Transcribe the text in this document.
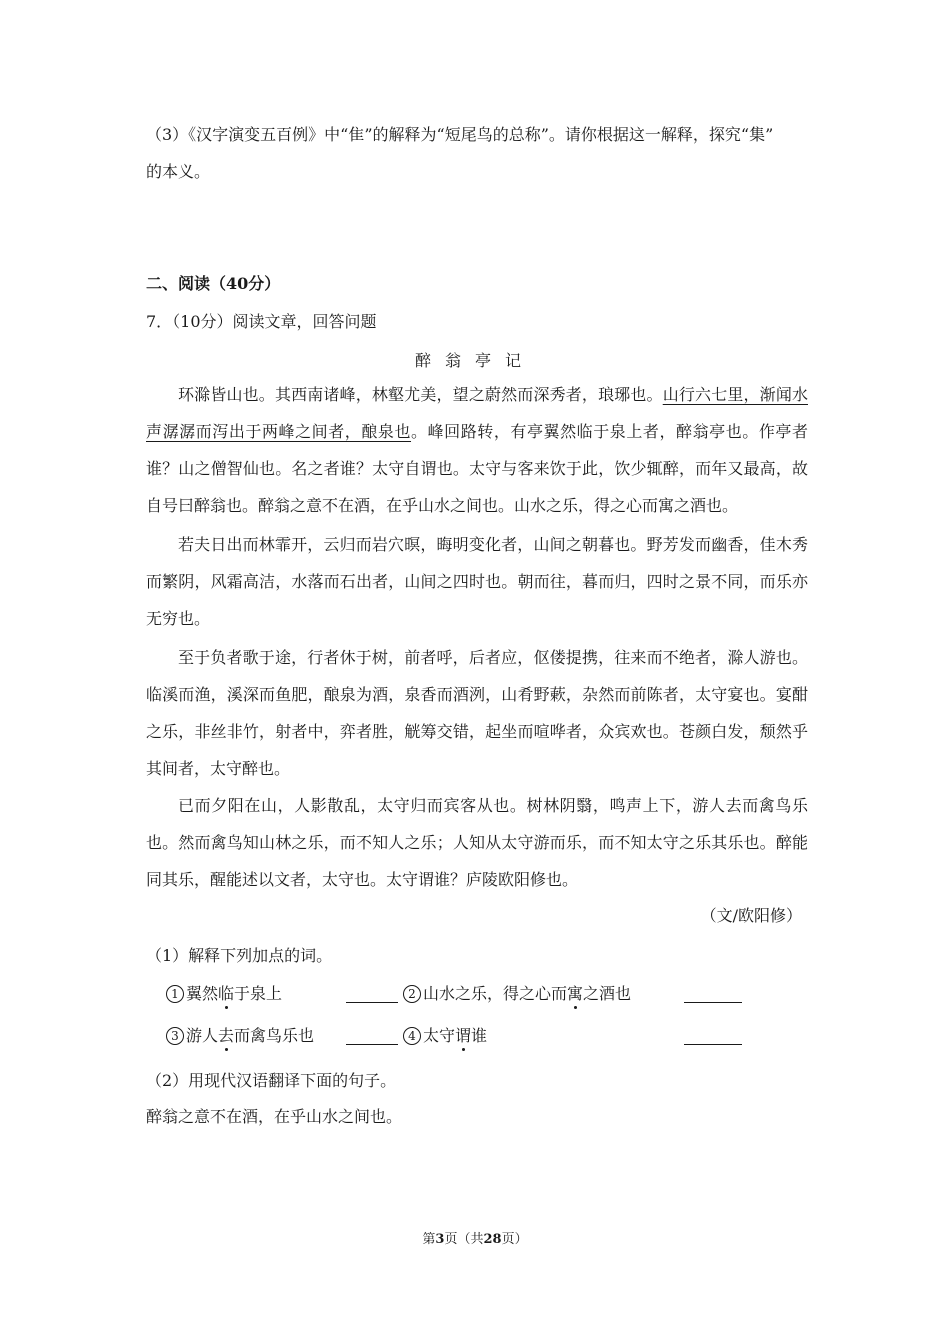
（3）《汉字演变五百例》中“隹”的解释为“短尾鸟的总称”。请你根据这一解释，探究“集”
的本义。
二、阅读（40分）
7．（10分）阅读文章，回答问题
醉翁亭记

环滁皆山也。其西南诸峰，林壑尤美，望之蔚然而深秀者，琅琊也。山行六七里，渐闻水声潺潺而泻出于两峰之间者，酿泉也。峰回路转，有亭翼然临于泉上者，醉翁亭也。作亭者谁？山之僧智仙也。名之者谁？太守自谓也。太守与客来饮于此，饮少辄醉，而年又最高，故自号曰醉翁也。醉翁之意不在酒，在乎山水之间也。山水之乐，得之心而寓之酒也。

若夫日出而林霏开，云归而岩穴暝，晦明变化者，山间之朝暮也。野芳发而幽香，佳木秀而繁阴，风霜高洁，水落而石出者，山间之四时也。朝而往，暮而归，四时之景不同，而乐亦无穷也。

至于负者歌于途，行者休于树，前者呼，后者应，伛偻提携，往来而不绝者，滁人游也。临溪而渔，溪深而鱼肥，酿泉为酒，泉香而酒洌，山肴野蔌，杂然而前陈者，太守宴也。宴酣之乐，非丝非竹，射者中，弈者胜，觥筹交错，起坐而喧哗者，众宾欢也。苍颜白发，颓然乎其间者，太守醉也。

已而夕阳在山，人影散乱，太守归而宾客从也。树林阴翳，鸣声上下，游人去而禽鸟乐也。然而禽鸟知山林之乐，而不知人之乐；人知从太守游而乐，而不知太守之乐其乐也。醉能同其乐，醒能述以文者，太守也。太守谓谁？庐陵欧阳修也。

（文/欧阳修）
（1）解释下列加点的词。
1 翼然临于泉上	2 山水之乐，得之心而寓之酒也
3 游人去而禽鸟乐也	4 太守谓谁
（2）用现代汉语翻译下面的句子。
醉翁之意不在酒，在乎山水之间也。
第3页（共28页）
